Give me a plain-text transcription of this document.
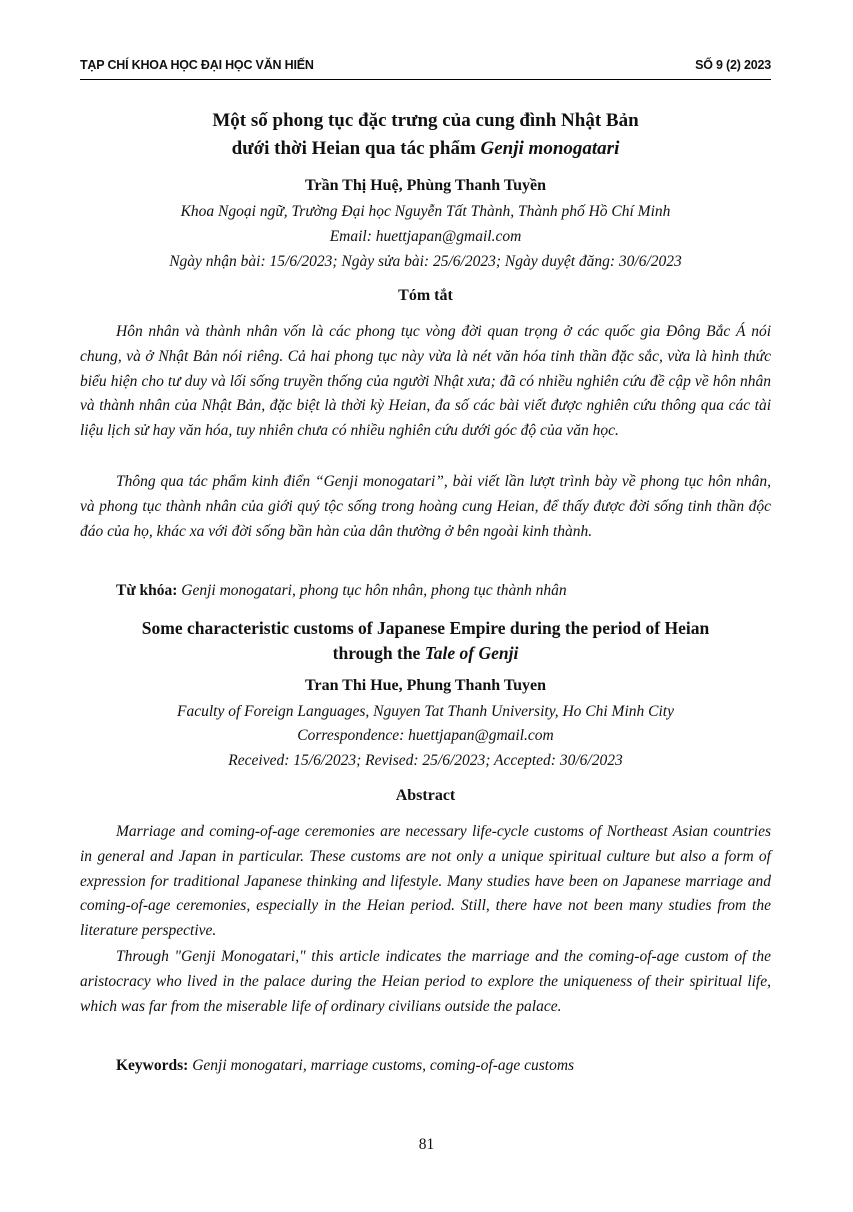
TẠP CHÍ KHOA HỌC ĐẠI HỌC VĂN HIẾN	SỐ 9 (2) 2023
Một số phong tục đặc trưng của cung đình Nhật Bản
dưới thời Heian qua tác phẩm Genji monogatari
Trần Thị Huệ, Phùng Thanh Tuyền
Khoa Ngoại ngữ, Trường Đại học Nguyễn Tất Thành, Thành phố Hồ Chí Minh
Email: huettjapan@gmail.com
Ngày nhận bài: 15/6/2023; Ngày sửa bài: 25/6/2023; Ngày duyệt đăng: 30/6/2023
Tóm tắt
Hôn nhân và thành nhân vốn là các phong tục vòng đời quan trọng ở các quốc gia Đông Bắc Á nói chung, và ở Nhật Bản nói riêng. Cả hai phong tục này vừa là nét văn hóa tinh thần đặc sắc, vừa là hình thức biểu hiện cho tư duy và lối sống truyền thống của người Nhật xưa; đã có nhiều nghiên cứu đề cập về hôn nhân và thành nhân của Nhật Bản, đặc biệt là thời kỳ Heian, đa số các bài viết được nghiên cứu thông qua các tài liệu lịch sử hay văn hóa, tuy nhiên chưa có nhiều nghiên cứu dưới góc độ của văn học.
Thông qua tác phẩm kinh điển “Genji monogatari”, bài viết lần lượt trình bày về phong tục hôn nhân, và phong tục thành nhân của giới quý tộc sống trong hoàng cung Heian, để thấy được đời sống tinh thần độc đáo của họ, khác xa với đời sống bần hàn của dân thường ở bên ngoài kinh thành.
Từ khóa: Genji monogatari, phong tục hôn nhân, phong tục thành nhân
Some characteristic customs of Japanese Empire during the period of Heian
through the Tale of Genji
Tran Thi Hue, Phung Thanh Tuyen
Faculty of Foreign Languages, Nguyen Tat Thanh University, Ho Chi Minh City
Correspondence: huettjapan@gmail.com
Received: 15/6/2023; Revised: 25/6/2023; Accepted: 30/6/2023
Abstract
Marriage and coming-of-age ceremonies are necessary life-cycle customs of Northeast Asian countries in general and Japan in particular. These customs are not only a unique spiritual culture but also a form of expression for traditional Japanese thinking and lifestyle. Many studies have been on Japanese marriage and coming-of-age ceremonies, especially in the Heian period. Still, there have not been many studies from the literature perspective.
Through "Genji Monogatari," this article indicates the marriage and the coming-of-age custom of the aristocracy who lived in the palace during the Heian period to explore the uniqueness of their spiritual life, which was far from the miserable life of ordinary civilians outside the palace.
Keywords: Genji monogatari, marriage customs, coming-of-age customs
81
